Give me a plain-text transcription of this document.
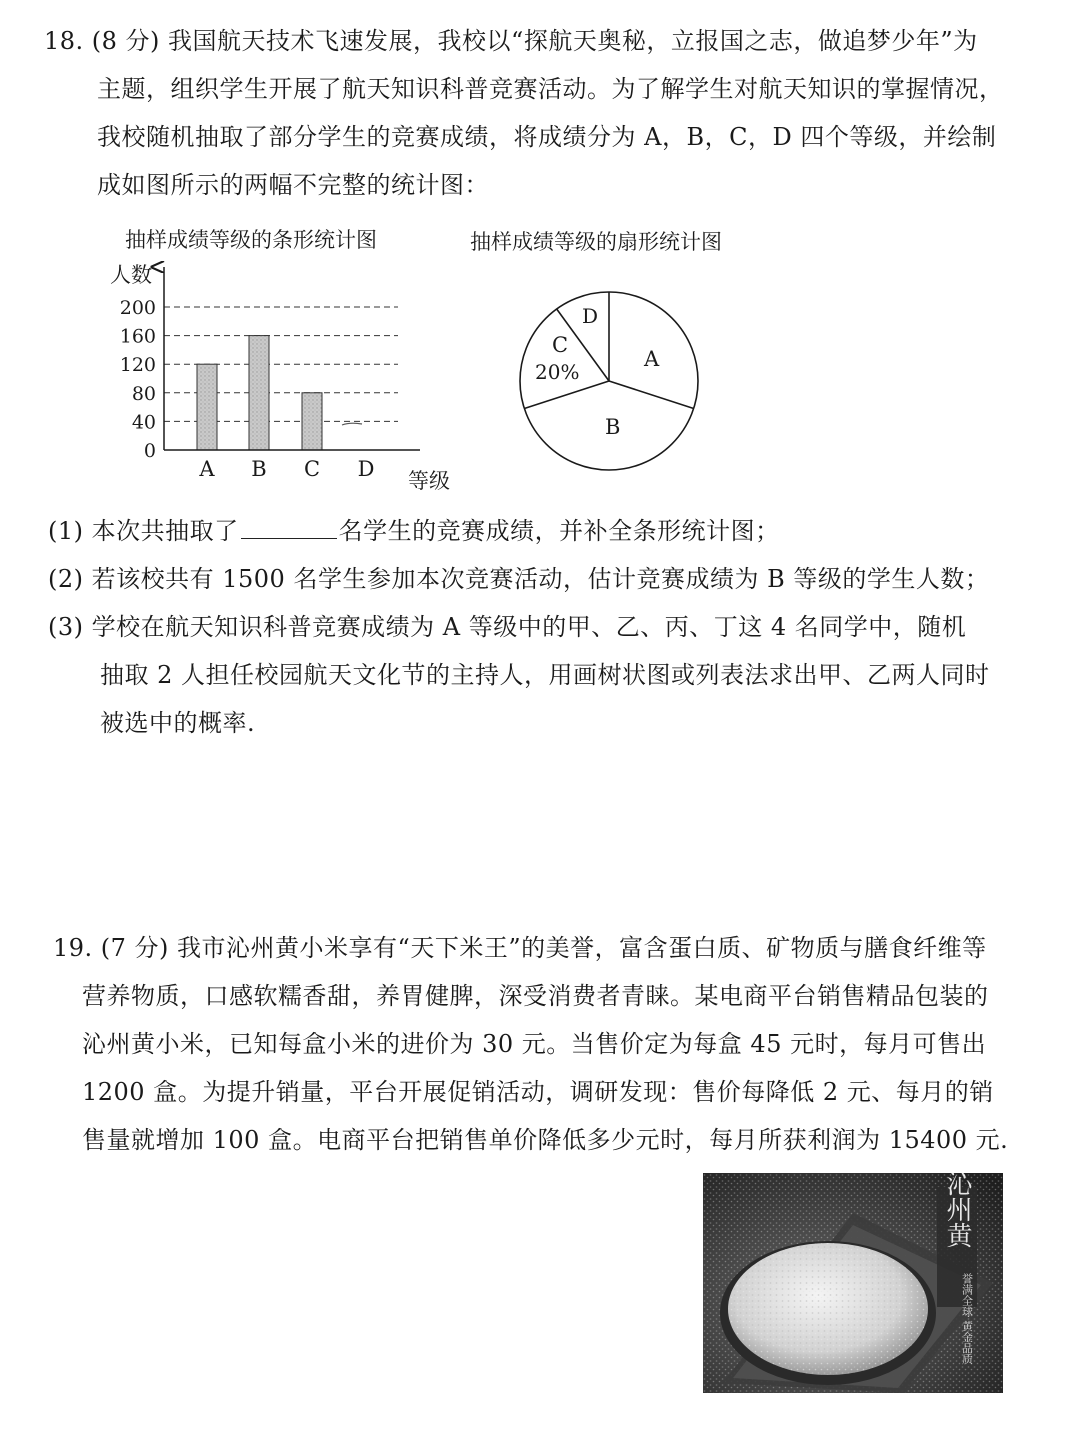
18. (8 分) 我国航天技术飞速发展，我校以“探航天奥秘，立报国之志，做追梦少年”为
主题，组织学生开展了航天知识科普竞赛活动。为了解学生对航天知识的掌握情况，
我校随机抽取了部分学生的竞赛成绩，将成绩分为 A，B，C，D 四个等级，并绘制
成如图所示的两幅不完整的统计图：
抽样成绩等级的条形统计图	抽样成绩等级的扇形统计图
0
40
80
120
160
200
A B C D
人数
等级
A
B
C
20%
D
(1) 本次共抽取了	名学生的竞赛成绩，并补全条形统计图；
(2) 若该校共有 1500 名学生参加本次竞赛活动，估计竞赛成绩为 B 等级的学生人数；
(3) 学校在航天知识科普竞赛成绩为 A 等级中的甲、乙、丙、丁这 4 名同学中，随机
抽取 2 人担任校园航天文化节的主持人，用画树状图或列表法求出甲、乙两人同时
被选中的概率.
19. (7 分) 我市沁州黄小米享有“天下米王”的美誉，富含蛋白质、矿物质与膳食纤维等
营养物质，口感软糯香甜，养胃健脾，深受消费者青睐。某电商平台销售精品包装的
沁州黄小米，已知每盒小米的进价为 30 元。当售价定为每盒 45 元时，每月可售出
1200 盒。为提升销量，平台开展促销活动，调研发现：售价每降低 2 元、每月的销
售量就增加 100 盒。电商平台把销售单价降低多少元时，每月所获利润为 15400 元.
沁州黄
誉满全球 黄金品质
